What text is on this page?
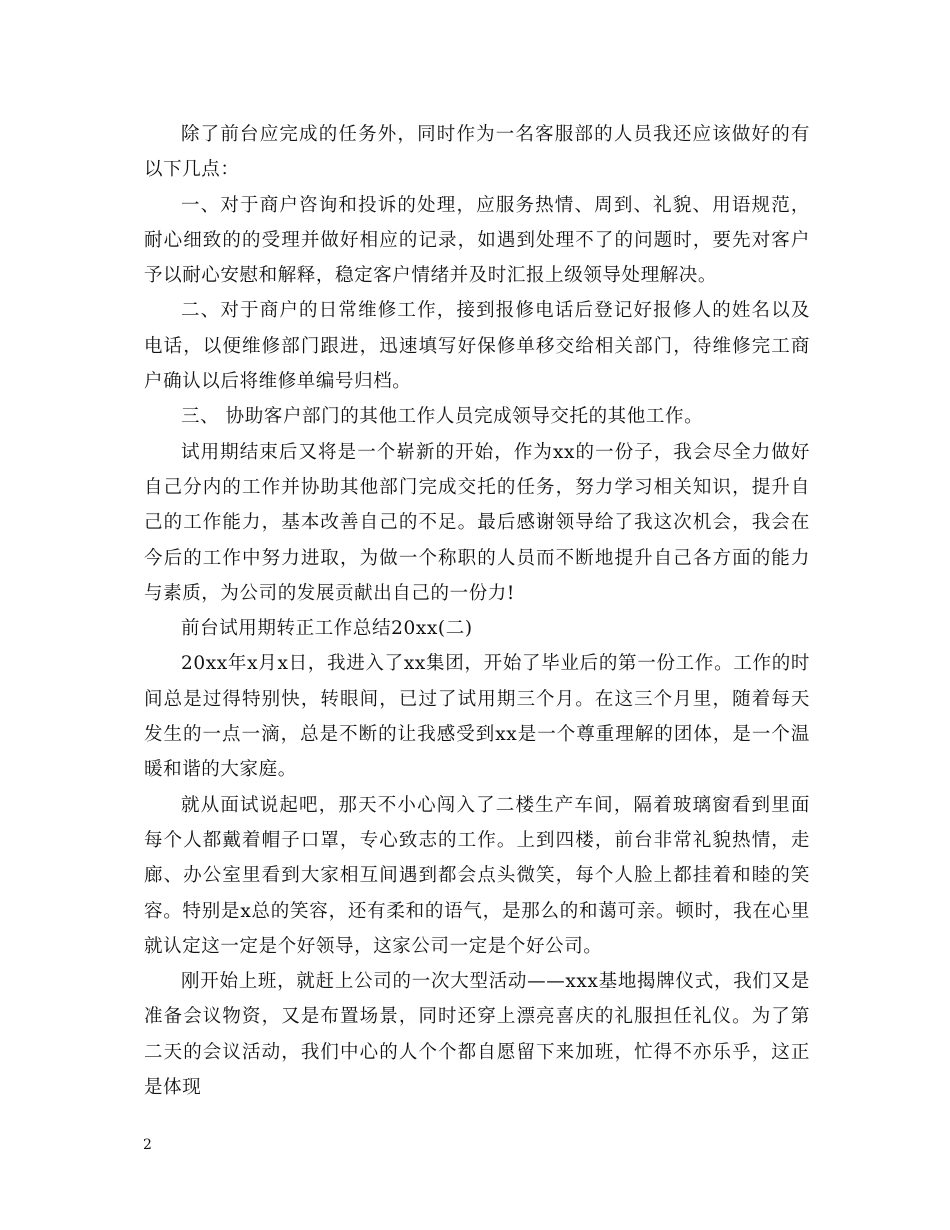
除了前台应完成的任务外，同时作为一名客服部的人员我还应该做好的有以下几点：

一、对于商户咨询和投诉的处理，应服务热情、周到、礼貌、用语规范，耐心细致的的受理并做好相应的记录，如遇到处理不了的问题时，要先对客户予以耐心安慰和解释，稳定客户情绪并及时汇报上级领导处理解决。

二、对于商户的日常维修工作，接到报修电话后登记好报修人的姓名以及电话，以便维修部门跟进，迅速填写好保修单移交给相关部门，待维修完工商户确认以后将维修单编号归档。

三、 协助客户部门的其他工作人员完成领导交托的其他工作。

试用期结束后又将是一个崭新的开始，作为xx的一份子，我会尽全力做好自己分内的工作并协助其他部门完成交托的任务，努力学习相关知识，提升自己的工作能力，基本改善自己的不足。最后感谢领导给了我这次机会，我会在今后的工作中努力进取，为做一个称职的人员而不断地提升自己各方面的能力与素质，为公司的发展贡献出自己的一份力!

前台试用期转正工作总结20xx(二)

20xx年x月x日，我进入了xx集团，开始了毕业后的第一份工作。工作的时间总是过得特别快，转眼间，已过了试用期三个月。在这三个月里，随着每天发生的一点一滴，总是不断的让我感受到xx是一个尊重理解的团体，是一个温暖和谐的大家庭。

就从面试说起吧，那天不小心闯入了二楼生产车间，隔着玻璃窗看到里面每个人都戴着帽子口罩，专心致志的工作。上到四楼，前台非常礼貌热情，走廊、办公室里看到大家相互间遇到都会点头微笑，每个人脸上都挂着和睦的笑容。特别是x总的笑容，还有柔和的语气，是那么的和蔼可亲。顿时，我在心里就认定这一定是个好领导，这家公司一定是个好公司。

刚开始上班，就赶上公司的一次大型活动——xxx基地揭牌仪式，我们又是准备会议物资，又是布置场景，同时还穿上漂亮喜庆的礼服担任礼仪。为了第二天的会议活动，我们中心的人个个都自愿留下来加班，忙得不亦乐乎，这正是体现

2
